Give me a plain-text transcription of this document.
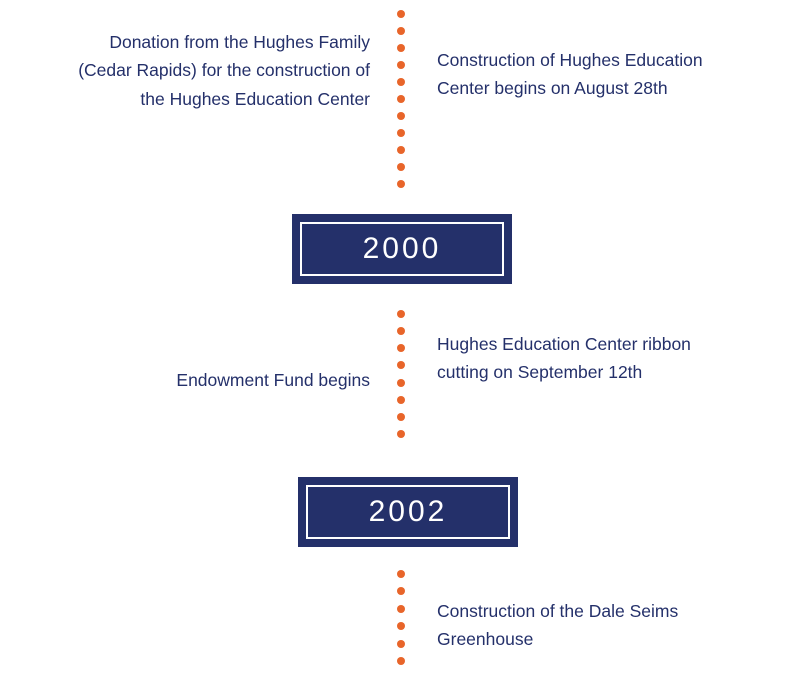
Donation from the Hughes Family (Cedar Rapids) for the construction of the Hughes Education Center
Construction of Hughes Education Center begins on August 28th
2000
Endowment Fund begins
Hughes Education Center ribbon cutting on September 12th
2002
Construction of the Dale Seims Greenhouse
